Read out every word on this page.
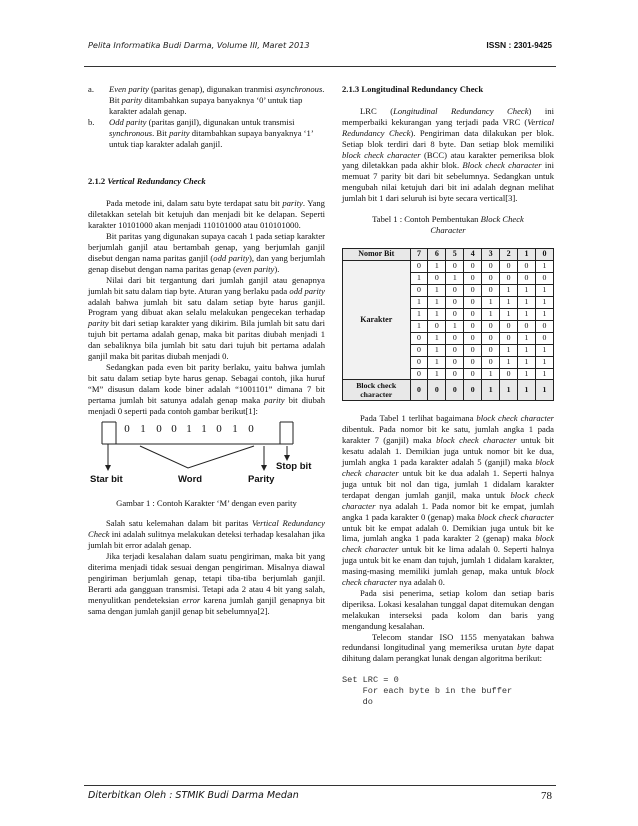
Pelita Informatika Budi Darma, Volume III, Maret 2013	ISSN : 2301-9425
a.	Even parity (paritas genap), digunakan tranmisi asynchronous. Bit parity ditambahkan supaya banyaknya ‘0’ untuk tiap karakter adalah genap.
b.	Odd parity (paritas ganjil), digunakan untuk transmisi synchronous. Bit parity ditambahkan supaya banyaknya ‘1’ untuk tiap karakter adalah ganjil.

2.1.2 Vertical Redundancy Check

Pada metode ini, dalam satu byte terdapat satu bit parity. Yang diletakkan setelah bit ketujuh dan menjadi bit ke delapan. Seperti karakter 10101000 akan menjadi 110101000 atau 010101000.

Bit paritas yang digunakan supaya cacah 1 pada setiap karakter berjumlah ganjil atau bertambah genap, yang berjumlah ganjil disebut dengan nama paritas ganjil (odd parity), dan yang berjumlah genap disebut dengan nama paritas genap (even parity).

Nilai dari bit tergantung dari jumlah ganjil atau genapnya jumlah bit satu dalam tiap byte. Aturan yang berlaku pada odd parity adalah bahwa jumlah bit satu dalam setiap byte harus ganjil. Program yang dibuat akan selalu melakukan pengecekan terhadap parity bit dari setiap karakter yang dikirim. Bila jumlah bit satu dari tujuh bit pertama adalah genap, maka bit paritas diubah menjadi 1 dan sebaliknya bila jumlah bit satu dari tujuh bit pertama adalah ganjil maka bit paritas diubah menjadi 0.

Sedangkan pada even bit parity berlaku, yaitu bahwa jumlah bit satu dalam setiap byte harus genap. Sebagai contoh, jika huruf “M” disusun dalam kode biner adalah “1001101” dimana 7 bit pertama jumlah bit satunya adalah genap maka parity bit diubah menjadi 0 seperti pada contoh gambar berikut[1]:

0 1 0 0 1 1 0 1 0
Star bit	Word	Parity
Stop bit

Gambar 1 : Contoh Karakter ‘M’ dengan even parity

Salah satu kelemahan dalam bit paritas Vertical Redundancy Check ini adalah sulitnya melakukan deteksi terhadap kesalahan jika jumlah bit error adalah genap.

Jika terjadi kesalahan dalam suatu pengiriman, maka bit yang diterima menjadi tidak sesuai dengan pengiriman. Misalnya diawal pengiriman berjumlah genap, tetapi tiba-tiba berjumlah ganjil. Berarti ada gangguan transmisi. Tetapi ada 2 atau 4 bit yang salah, menyulitkan pendeteksian error karena jumlah ganjil genapnya bit sama dengan jumlah ganjil genap bit sebelumnya[2].

2.1.3 Longitudinal Redundancy Check

LRC (Longitudinal Redundancy Check) ini memperbaiki kekurangan yang terjadi pada VRC (Vertical Redundancy Check). Pengiriman data dilakukan per blok. Setiap blok terdiri dari 8 byte. Dan setiap blok memiliki block check character (BCC) atau karakter pemeriksa blok yang diletakkan pada akhir blok. Block check character ini memuat 7 parity bit dari bit sebelumnya. Sedangkan untuk mengubah nilai ketujuh dari bit ini adalah degnan melihat jumlah bit 1 dari seluruh isi byte secara vertical[3].

Tabel 1 : Contoh Pembentukan Block Check Character

Nomor Bit	7	6	5	4	3	2	1	0
Karakter	0	1	0	0	0	0	0	1
	1	0	1	0	0	0	0	0
	0	1	0	0	0	1	1	1
	1	1	0	0	1	1	1	1
	1	1	0	0	1	1	1	1
	1	0	1	0	0	0	0	0
	0	1	0	0	0	0	1	0
	0	1	0	0	0	1	1	1
	0	1	0	0	0	1	1	1
	0	1	0	0	1	0	1	1
Block check character	0	0	0	0	1	1	1	1

Pada Tabel 1 terlihat bagaimana block check character dibentuk. Pada nomor bit ke satu, jumlah angka 1 pada karakter 7 (ganjil) maka block check character untuk bit kesatu adalah 1. Demikian juga untuk nomor bit ke dua, jumlah angka 1 pada karakter adalah 5 (ganjil) maka block check character untuk bit ke dua adalah 1. Seperti halnya juga untuk bit nol dan tiga, jumlah 1 didalam karakter terdapat dengan jumlah ganjil, maka untuk block check character nya adalah 1. Pada nomor bit ke empat, jumlah angka 1 pada karakter 0 (genap) maka block check character untuk bit ke empat adalah 0. Demikian juga untuk bit ke lima, jumlah angka 1 pada karakter 2 (genap) maka block check character untuk bit ke lima adalah 0. Seperti halnya juga untuk bit ke enam dan tujuh, jumlah 1 didalam karakter, masing-masing memiliki jumlah genap, maka untuk block check character nya adalah 0.

Pada sisi penerima, setiap kolom dan setiap baris diperiksa. Lokasi kesalahan tunggal dapat ditemukan dengan melakukan interseksi pada kolom dan baris yang mengandung kesalahan.

Telecom standar ISO 1155 menyatakan bahwa redundansi longitudinal yang memeriksa urutan byte dapat dihitung dalam perangkat lunak dengan algoritma berikut:

Set LRC = 0
For each byte b in the buffer
do
Diterbitkan Oleh : STMIK Budi Darma Medan	78
